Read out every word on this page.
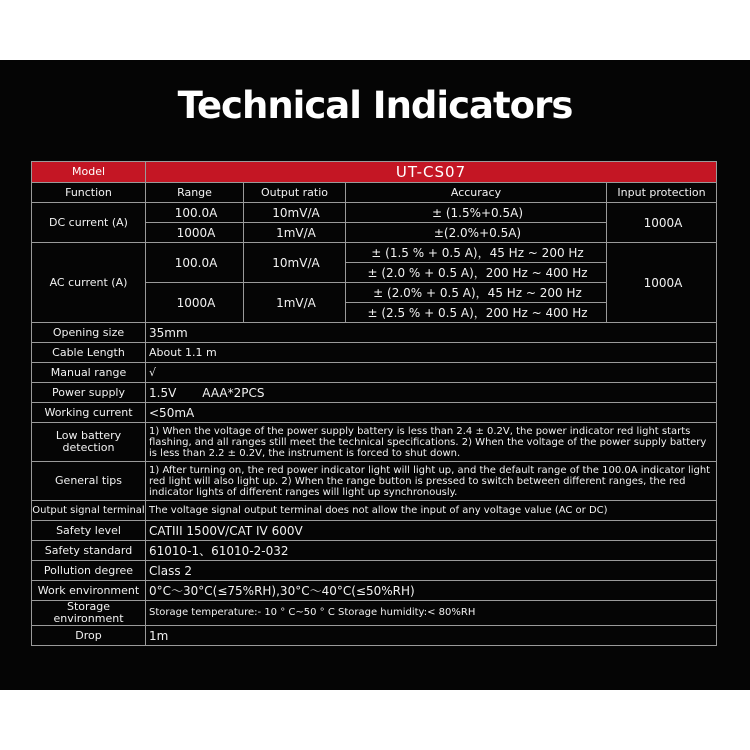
Technical Indicators
Model	UT-CS07			
Function	Range	Output ratio	Accuracy	Input protection
DC current (A)	100.0A	10mV/A	± (1.5%+0.5A)	1000A
	1000A	1mV/A	±(2.0%+0.5A)	
AC current (A)	100.0A	10mV/A	± (1.5 % + 0.5 A)，45 Hz ~ 200 Hz	1000A
			± (2.0 % + 0.5 A)，200 Hz ~ 400 Hz	
	1000A	1mV/A	± (2.0% + 0.5 A)，45 Hz ~ 200 Hz	
			± (2.5 % + 0.5 A)，200 Hz ~ 400 Hz	
Opening size	35mm			
Cable Length	About 1.1 m			
Manual range	√			
Power supply	1.5V AAA*2PCS			
Working current	<50mA			
Low battery
detection	1) When the voltage of the power supply battery is less than 2.4 ± 0.2V, the power indicator red light starts flashing, and all ranges still meet the technical specifications. 2) When the voltage of the power supply battery is less than 2.2 ± 0.2V, the instrument is forced to shut down.			
General tips	1) After turning on, the red power indicator light will light up, and the default range of the 100.0A indicator light red light will also light up. 2) When the range button is pressed to switch between different ranges, the red indicator lights of different ranges will light up synchronously.			
Output signal terminal	The voltage signal output terminal does not allow the input of any voltage value (AC or DC)			
Safety level	CATIII 1500V/CAT IV 600V			
Safety standard	61010-1、61010-2-032			
Pollution degree	Class 2			
Work environment	0°C～30°C(≤75%RH),30°C～40°C(≤50%RH)			
Storage environment	Storage temperature:- 10 ° C~50 ° C Storage humidity:< 80%RH			
Drop	1m			
